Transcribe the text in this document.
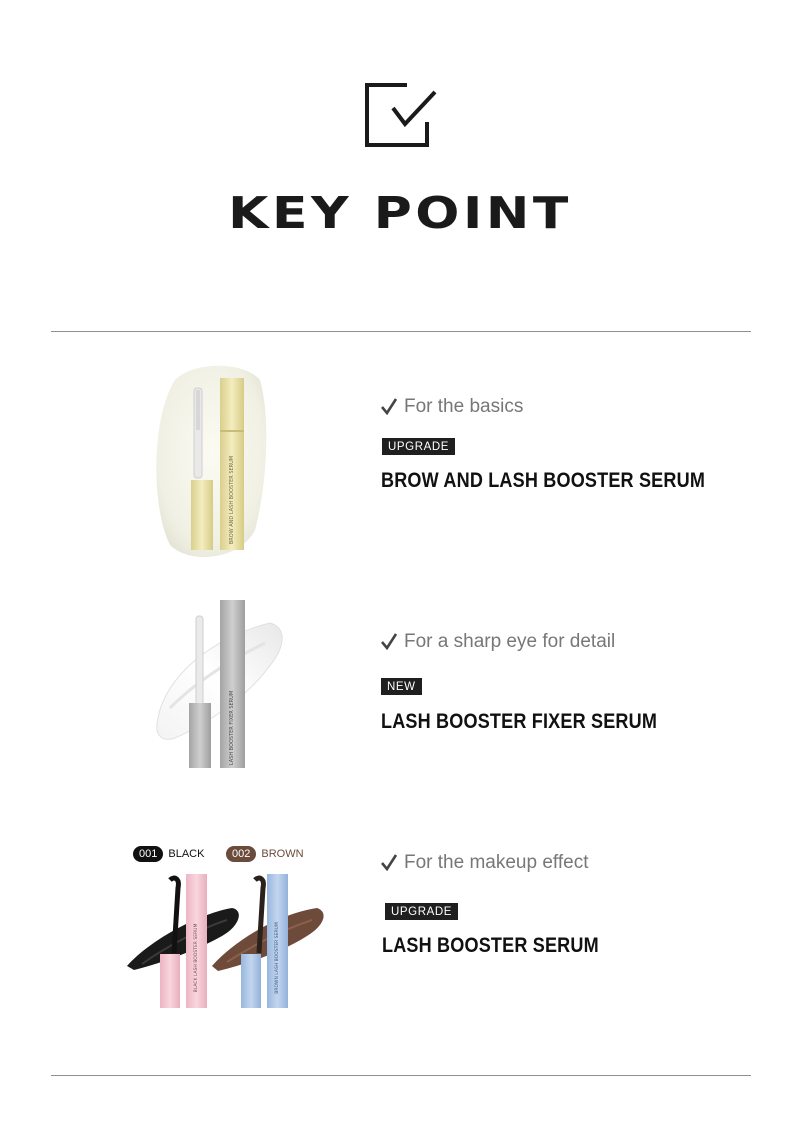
KEY POINT
BROW AND LASH BOOSTER SERUM
For the basics
UPGRADE
BROW AND LASH BOOSTER SERUM
LASH BOOSTER FIXER SERUM
For a sharp eye for detail
NEW
LASH BOOSTER FIXER SERUM
001	BLACK	002	BROWN
BLACK LASH BOOSTER SERUM	BROWN LASH BOOSTER SERUM
For the makeup effect
UPGRADE
LASH BOOSTER SERUM
